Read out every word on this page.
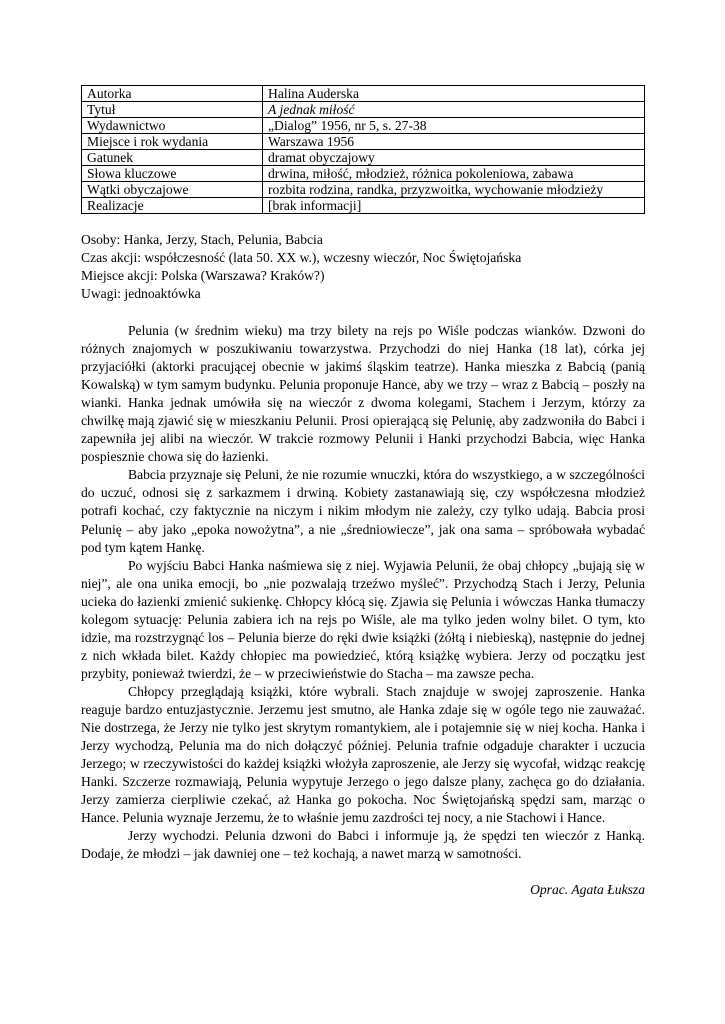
Autorka	Halina Auderska
Tytuł	A jednak miłość
Wydawnictwo	„Dialog” 1956, nr 5, s. 27-38
Miejsce i rok wydania	Warszawa 1956
Gatunek	dramat obyczajowy
Słowa kluczowe	drwina, miłość, młodzież, różnica pokoleniowa, zabawa
Wątki obyczajowe	rozbita rodzina, randka, przyzwoitka, wychowanie młodzieży
Realizacje	[brak informacji]
Osoby: Hanka, Jerzy, Stach, Pelunia, Babcia
Czas akcji: współczesność (lata 50. XX w.), wczesny wieczór, Noc Świętojańska
Miejsce akcji: Polska (Warszawa? Kraków?)
Uwagi: jednoaktówka

Pelunia (w średnim wieku) ma trzy bilety na rejs po Wiśle podczas wianków. Dzwoni do różnych znajomych w poszukiwaniu towarzystwa. Przychodzi do niej Hanka (18 lat), córka jej przyjaciółki (aktorki pracującej obecnie w jakimś śląskim teatrze). Hanka mieszka z Babcią (panią Kowalską) w tym samym budynku. Pelunia proponuje Hance, aby we trzy – wraz z Babcią – poszły na wianki. Hanka jednak umówiła się na wieczór z dwoma kolegami, Stachem i Jerzym, którzy za chwilkę mają zjawić się w mieszkaniu Pelunii. Prosi opierającą się Pelunię, aby zadzwoniła do Babci i zapewniła jej alibi na wieczór. W trakcie rozmowy Pelunii i Hanki przychodzi Babcia, więc Hanka pospiesznie chowa się do łazienki.

Babcia przyznaje się Peluni, że nie rozumie wnuczki, która do wszystkiego, a w szczególności do uczuć, odnosi się z sarkazmem i drwiną. Kobiety zastanawiają się, czy współczesna młodzież potrafi kochać, czy faktycznie na niczym i nikim młodym nie zależy, czy tylko udają. Babcia prosi Pelunię – aby jako „epoka nowożytna”, a nie „średniowiecze”, jak ona sama – spróbowała wybadać pod tym kątem Hankę.

Po wyjściu Babci Hanka naśmiewa się z niej. Wyjawia Pelunii, że obaj chłopcy „bujają się w niej”, ale ona unika emocji, bo „nie pozwalają trzeźwo myśleć”. Przychodzą Stach i Jerzy, Pelunia ucieka do łazienki zmienić sukienkę. Chłopcy kłócą się. Zjawia się Pelunia i wówczas Hanka tłumaczy kolegom sytuację: Pelunia zabiera ich na rejs po Wiśle, ale ma tylko jeden wolny bilet. O tym, kto idzie, ma rozstrzygnąć los – Pelunia bierze do ręki dwie książki (żółtą i niebieską), następnie do jednej z nich wkłada bilet. Każdy chłopiec ma powiedzieć, którą książkę wybiera. Jerzy od początku jest przybity, ponieważ twierdzi, że – w przeciwieństwie do Stacha – ma zawsze pecha.

Chłopcy przeglądają książki, które wybrali. Stach znajduje w swojej zaproszenie. Hanka reaguje bardzo entuzjastycznie. Jerzemu jest smutno, ale Hanka zdaje się w ogóle tego nie zauważać. Nie dostrzega, że Jerzy nie tylko jest skrytym romantykiem, ale i potajemnie się w niej kocha. Hanka i Jerzy wychodzą, Pelunia ma do nich dołączyć później. Pelunia trafnie odgaduje charakter i uczucia Jerzego; w rzeczywistości do każdej książki włożyła zaproszenie, ale Jerzy się wycofał, widząc reakcję Hanki. Szczerze rozmawiają, Pelunia wypytuje Jerzego o jego dalsze plany, zachęca go do działania. Jerzy zamierza cierpliwie czekać, aż Hanka go pokocha. Noc Świętojańską spędzi sam, marząc o Hance. Pelunia wyznaje Jerzemu, że to właśnie jemu zazdrości tej nocy, a nie Stachowi i Hance.

Jerzy wychodzi. Pelunia dzwoni do Babci i informuje ją, że spędzi ten wieczór z Hanką. Dodaje, że młodzi – jak dawniej one – też kochają, a nawet marzą w samotności.

Oprac. Agata Łuksza
